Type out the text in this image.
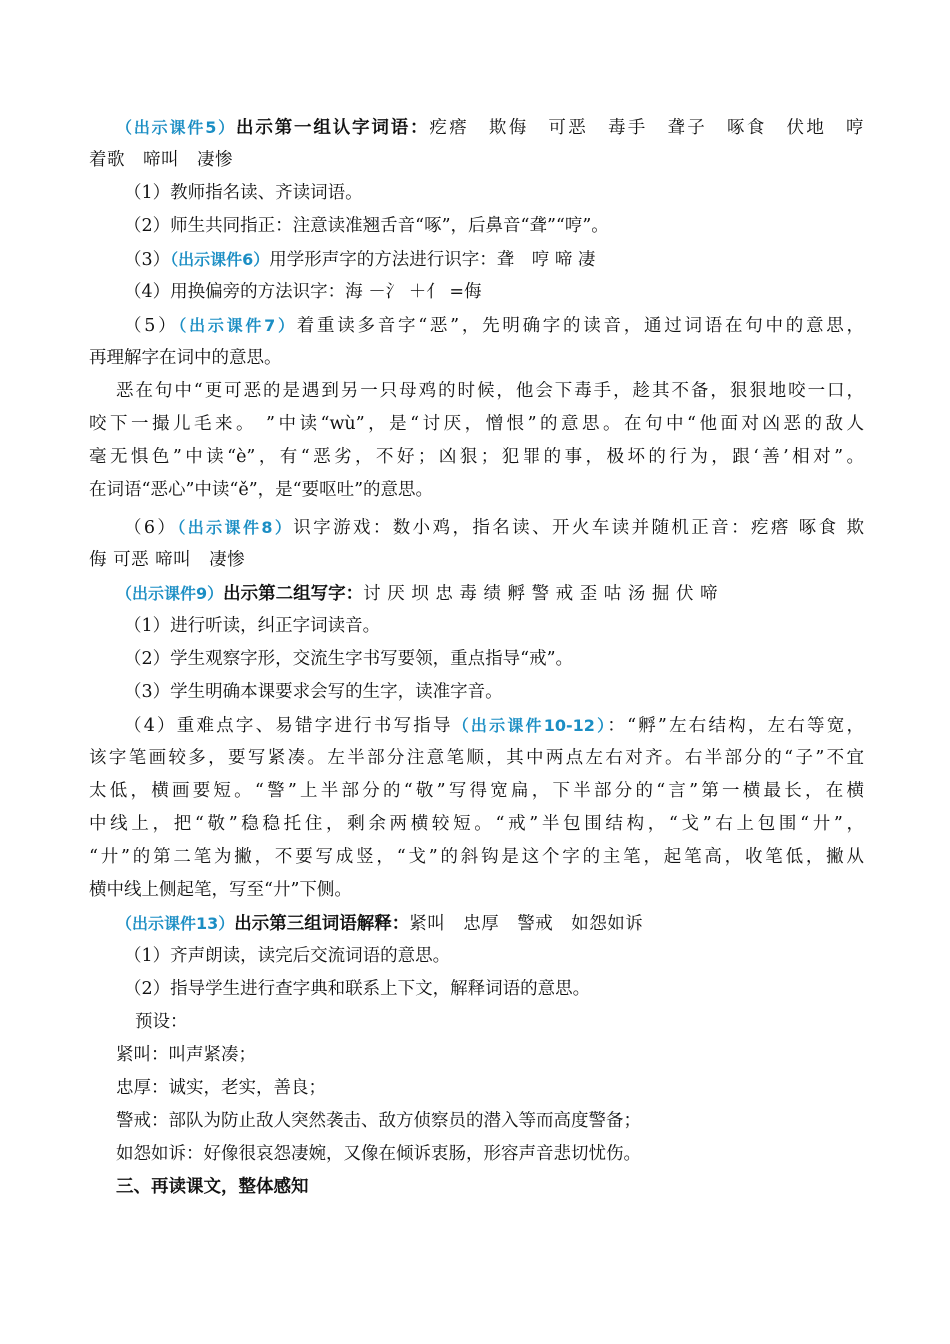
（出示课件5）出示第一组认字词语：疙瘩　欺侮　可恶　毒手　聋子　啄食　伏地　哼
着歌　啼叫　凄惨
（1）教师指名读、齐读词语。
（2）师生共同指正：注意读准翘舌音“啄”，后鼻音“聋”“哼”。
（3）（出示课件6）用学形声字的方法进行识字：聋　哼 啼 凄
（4）用换偏旁的方法识字：海 －氵 ＋亻 =侮
（5）（出示课件7）着重读多音字“恶”，先明确字的读音，通过词语在句中的意思，
再理解字在词中的意思。
恶在句中“更可恶的是遇到另一只母鸡的时候，他会下毒手，趁其不备，狠狠地咬一口，
咬下一撮儿毛来。 ”中读“wù”，是“讨厌，憎恨”的意思。在句中“他面对凶恶的敌人
毫无惧色”中读“è”，有“恶劣，不好；凶狠；犯罪的事，极坏的行为，跟‘善’相对”。
在词语“恶心”中读“ě”，是“要呕吐”的意思。
（6）（出示课件8）识字游戏：数小鸡，指名读、开火车读并随机正音：疙瘩 啄食 欺
侮 可恶 啼叫　凄惨
（出示课件9）出示第二组写字：讨 厌 坝 忠 毒 绩 孵 警 戒 歪 咕 汤 掘 伏 啼
（1）进行听读，纠正字词读音。
（2）学生观察字形，交流生字书写要领，重点指导“戒”。
（3）学生明确本课要求会写的生字，读准字音。
（4）重难点字、易错字进行书写指导（出示课件10-12）：“孵”左右结构，左右等宽，
该字笔画较多，要写紧凑。左半部分注意笔顺，其中两点左右对齐。右半部分的“子”不宜
太低，横画要短。“警”上半部分的“敬”写得宽扁，下半部分的“言”第一横最长，在横
中线上，把“敬”稳稳托住，剩余两横较短。“戒”半包围结构，“戈”右上包围“廾”，
“廾”的第二笔为撇，不要写成竖，“戈”的斜钩是这个字的主笔，起笔高，收笔低，撇从
横中线上侧起笔，写至“廾”下侧。
（出示课件13）出示第三组词语解释：紧叫　忠厚　警戒　如怨如诉
（1）齐声朗读，读完后交流词语的意思。
（2）指导学生进行查字典和联系上下文，解释词语的意思。
预设：
紧叫：叫声紧凑；
忠厚：诚实，老实，善良；
警戒：部队为防止敌人突然袭击、敌方侦察员的潜入等而高度警备；
如怨如诉：好像很哀怨凄婉，又像在倾诉衷肠，形容声音悲切忧伤。
三、再读课文，整体感知
